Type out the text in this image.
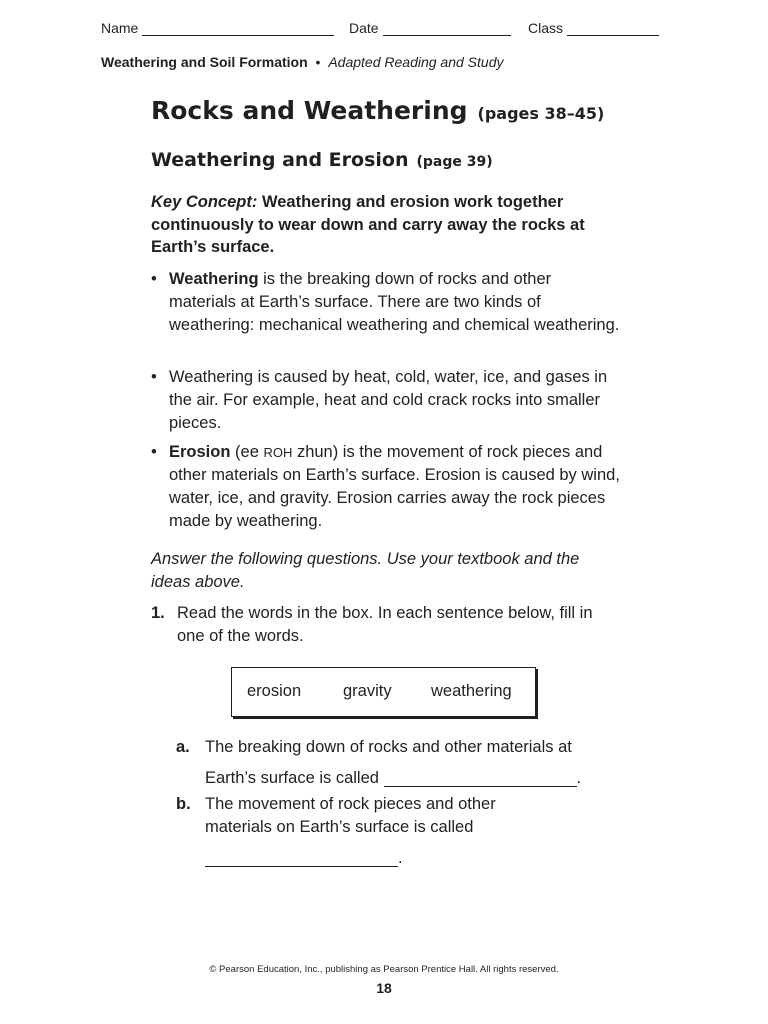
Name	Date	Class
Weathering and Soil Formation • Adapted Reading and Study
Rocks and Weathering (pages 38–45)
Weathering and Erosion (page 39)
Key Concept: Weathering and erosion work together continuously to wear down and carry away the rocks at Earth’s surface.
• Weathering is the breaking down of rocks and other materials at Earth’s surface. There are two kinds of weathering: mechanical weathering and chemical weathering.
• Weathering is caused by heat, cold, water, ice, and gases in the air. For example, heat and cold crack rocks into smaller pieces.
• Erosion (ee ROH zhun) is the movement of rock pieces and other materials on Earth’s surface. Erosion is caused by wind, water, ice, and gravity. Erosion carries away the rock pieces made by weathering.
Answer the following questions. Use your textbook and the ideas above.
1. Read the words in the box. In each sentence below, fill in one of the words.
erosion	gravity weathering
a. The breaking down of rocks and other materials at
Earth’s surface is called	.
b. The movement of rock pieces and other
materials on Earth’s surface is called
.
© Pearson Education, Inc., publishing as Pearson Prentice Hall. All rights reserved.
18
